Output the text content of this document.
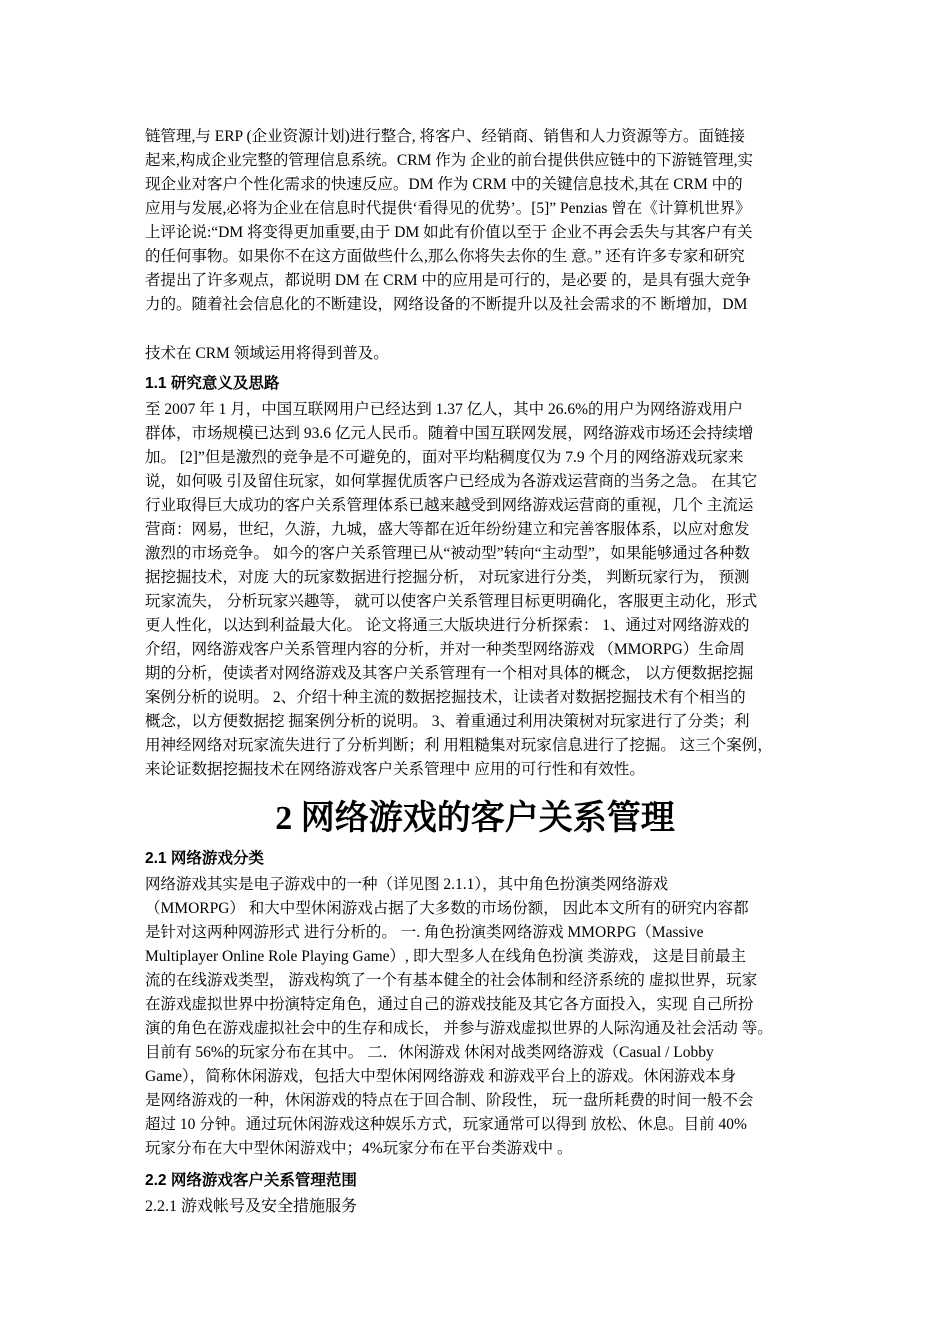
链管理,与 ERP (企业资源计划)进行整合, 将客户、经销商、销售和人力资源等方。面链接
起来,构成企业完整的管理信息系统。CRM 作为 企业的前台提供供应链中的下游链管理,实
现企业对客户个性化需求的快速反应。DM 作为 CRM 中的关键信息技术,其在 CRM 中的
应用与发展,必将为企业在信息时代提供‘看得见的优势’。[5]” Penzias 曾在《计算机世界》
上评论说:“DM 将变得更加重要,由于 DM 如此有价值以至于 企业不再会丢失与其客户有关
的任何事物。如果你不在这方面做些什么,那么你将失去你的生 意。” 还有许多专家和研究
者提出了许多观点，都说明 DM 在 CRM 中的应用是可行的，是必要 的，是具有强大竞争
力的。随着社会信息化的不断建设，网络设备的不断提升以及社会需求的不 断增加，DM
技术在 CRM 领域运用将得到普及。
1.1 研究意义及思路
至 2007 年 1 月，中国互联网用户已经达到 1.37 亿人，其中 26.6%的用户为网络游戏用户
群体，市场规模已达到 93.6 亿元人民币。随着中国互联网发展，网络游戏市场还会持续增
加。 [2]”但是激烈的竞争是不可避免的，面对平均粘稠度仅为 7.9 个月的网络游戏玩家来
说，如何吸 引及留住玩家，如何掌握优质客户已经成为各游戏运营商的当务之急。 在其它
行业取得巨大成功的客户关系管理体系已越来越受到网络游戏运营商的重视，几个 主流运
营商：网易，世纪，久游，九城，盛大等都在近年纷纷建立和完善客服体系，以应对愈发
激烈的市场竞争。 如今的客户关系管理已从“被动型”转向“主动型”，如果能够通过各种数
据挖掘技术，对庞 大的玩家数据进行挖掘分析， 对玩家进行分类， 判断玩家行为， 预测
玩家流失， 分析玩家兴趣等， 就可以使客户关系管理目标更明确化，客服更主动化，形式
更人性化，以达到利益最大化。 论文将通三大版块进行分析探索： 1、通过对网络游戏的
介绍，网络游戏客户关系管理内容的分析，并对一种类型网络游戏 （MMORPG）生命周
期的分析，使读者对网络游戏及其客户关系管理有一个相对具体的概念， 以方便数据挖掘
案例分析的说明。 2、介绍十种主流的数据挖掘技术，让读者对数据挖掘技术有个相当的
概念，以方便数据挖 掘案例分析的说明。 3、着重通过利用决策树对玩家进行了分类；利
用神经网络对玩家流失进行了分析判断；利 用粗糙集对玩家信息进行了挖掘。 这三个案例，
来论证数据挖掘技术在网络游戏客户关系管理中 应用的可行性和有效性。
2 网络游戏的客户关系管理
2.1 网络游戏分类
网络游戏其实是电子游戏中的一种（详见图 2.1.1），其中角色扮演类网络游戏
（MMORPG） 和大中型休闲游戏占据了大多数的市场份额， 因此本文所有的研究内容都
是针对这两种网游形式 进行分析的。 一. 角色扮演类网络游戏 MMORPG（Massive
Multiplayer Online Role Playing Game）, 即大型多人在线角色扮演 类游戏， 这是目前最主
流的在线游戏类型， 游戏构筑了一个有基本健全的社会体制和经济系统的 虚拟世界，玩家
在游戏虚拟世界中扮演特定角色，通过自己的游戏技能及其它各方面投入，实现 自己所扮
演的角色在游戏虚拟社会中的生存和成长， 并参与游戏虚拟世界的人际沟通及社会活动 等。
目前有 56%的玩家分布在其中。 二．休闲游戏 休闲对战类网络游戏（Casual / Lobby
Game），简称休闲游戏，包括大中型休闲网络游戏 和游戏平台上的游戏。休闲游戏本身
是网络游戏的一种，休闲游戏的特点在于回合制、阶段性， 玩一盘所耗费的时间一般不会
超过 10 分钟。通过玩休闲游戏这种娱乐方式，玩家通常可以得到 放松、休息。目前 40%
玩家分布在大中型休闲游戏中；4%玩家分布在平台类游戏中 。
2.2 网络游戏客户关系管理范围
2.2.1 游戏帐号及安全措施服务
